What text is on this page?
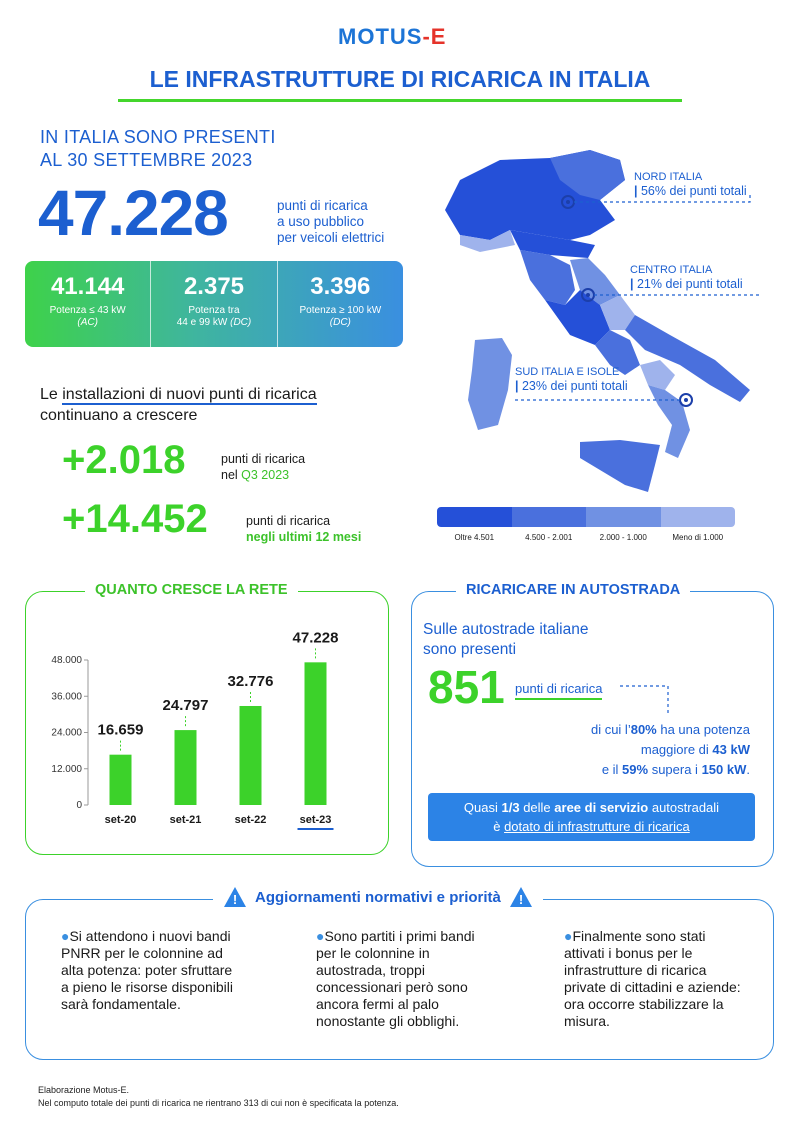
MOTUS-E
LE INFRASTRUTTURE DI RICARICA IN ITALIA
IN ITALIA SONO PRESENTI
AL 30 SETTEMBRE 2023
47.228	punti di ricarica
a uso pubblico
per veicoli elettrici
41.144
Potenza ≤ 43 kW
(AC)
2.375
Potenza tra
44 e 99 kW (DC)
3.396
Potenza ≥ 100 kW
(DC)
Le installazioni di nuovi punti di ricarica
continuano a crescere
+2.018	punti di ricarica
nel Q3 2023
+14.452	punti di ricarica
negli ultimi 12 mesi
NORD ITALIA
| 56% dei punti totali
CENTRO ITALIA
| 21% dei punti totali
SUD ITALIA E ISOLE
| 23% dei punti totali
Oltre 4.501	4.500 - 2.001	2.000 - 1.000	Meno di 1.000
QUANTO CRESCE LA RETE
0
12.000
24.000
36.000
48.000
16.659
set-20
24.797
set-21
32.776
set-22
47.228
set-23
RICARICARE IN AUTOSTRADA
Sulle autostrade italiane
sono presenti
851 punti di ricarica
di cui l’80% ha una potenza
maggiore di 43 kW
e il 59% supera i 150 kW.
Quasi 1/3 delle aree di servizio autostradali
è dotato di infrastrutture di ricarica
! Aggiornamenti normativi e priorità !
●Si attendono i nuovi bandi PNRR per le colonnine ad alta potenza: poter sfruttare a pieno le risorse disponibili sarà fondamentale.
●Sono partiti i primi bandi per le colonnine in autostrada, troppi concessionari però sono ancora fermi al palo nonostante gli obblighi.
●Finalmente sono stati attivati i bonus per le infrastrutture di ricarica private di cittadini e aziende: ora occorre stabilizzare la misura.
Elaborazione Motus-E.
Nel computo totale dei punti di ricarica ne rientrano 313 di cui non è specificata la potenza.
